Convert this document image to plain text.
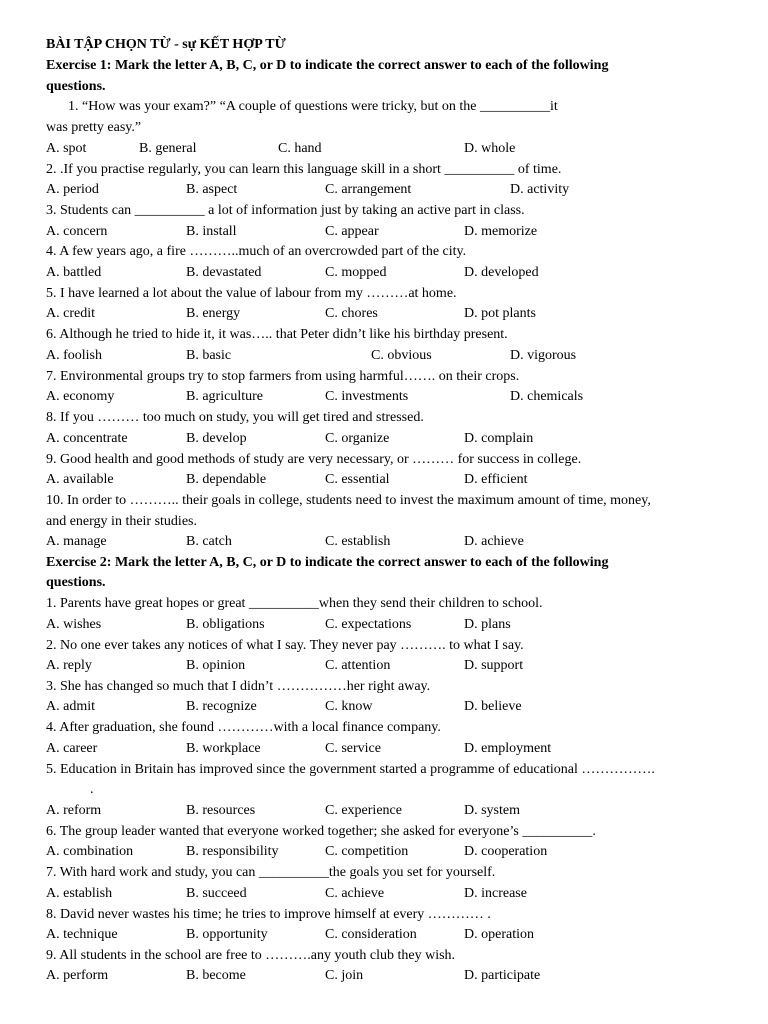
BÀI TẬP CHỌN TỪ - sự KẾT HỢP TỪ
Exercise 1: Mark the letter A, B, C, or D to indicate the correct answer to each of the following
questions.
1. “How was your exam?” “A couple of questions were tricky, but on the __________it
was pretty easy.”
A. spot	B. general	C. hand	D. whole
2. .If you practise regularly, you can learn this language skill in a short __________ of time.
A. period	B. aspect	C. arrangement	D. activity
3. Students can __________ a lot of information just by taking an active part in class.
A. concern	B. install	C. appear	D. memorize
4. A few years ago, a fire ………..much of an overcrowded part of the city.
A. battled	B. devastated	C. mopped	D. developed
5. I have learned a lot about the value of labour from my ………at home.
A. credit	B. energy	C. chores	D. pot plants
6. Although he tried to hide it, it was….. that Peter didn’t like his birthday present.
A. foolish	B. basic	C. obvious	D. vigorous
7. Environmental groups try to stop farmers from using harmful……. on their crops.
A. economy	B. agriculture	C. investments	D. chemicals
8. If you ……… too much on study, you will get tired and stressed.
A. concentrate	B. develop	C. organize	D. complain
9. Good health and good methods of study are very necessary, or ……… for success in college.
A. available	B. dependable	C. essential	D. efficient
10. In order to ……….. their goals in college, students need to invest the maximum amount of time, money,
and energy in their studies.
A. manage	B. catch	C. establish	D. achieve
Exercise 2: Mark the letter A, B, C, or D to indicate the correct answer to each of the following
questions.
1. Parents have great hopes or great __________when they send their children to school.
A. wishes	B. obligations	C. expectations	D. plans
2. No one ever takes any notices of what I say. They never pay ………. to what I say.
A. reply	B. opinion	C. attention	D. support
3. She has changed so much that I didn’t ……………her right away.
A. admit	B. recognize	C. know	D. believe
4. After graduation, she found …………with a local finance company.
A. career	B. workplace	C. service	D. employment
5. Education in Britain has improved since the government started a programme of educational …………….
.
A. reform	B. resources	C. experience	D. system
6. The group leader wanted that everyone worked together; she asked for everyone’s __________.
A. combination	B. responsibility	C. competition	D. cooperation
7. With hard work and study, you can __________the goals you set for yourself.
A. establish	B. succeed	C. achieve	D. increase
8. David never wastes his time; he tries to improve himself at every ………… .
A. technique	B. opportunity	C. consideration	D. operation
9. All students in the school are free to ……….any youth club they wish.
A. perform	B. become	C. join	D. participate
